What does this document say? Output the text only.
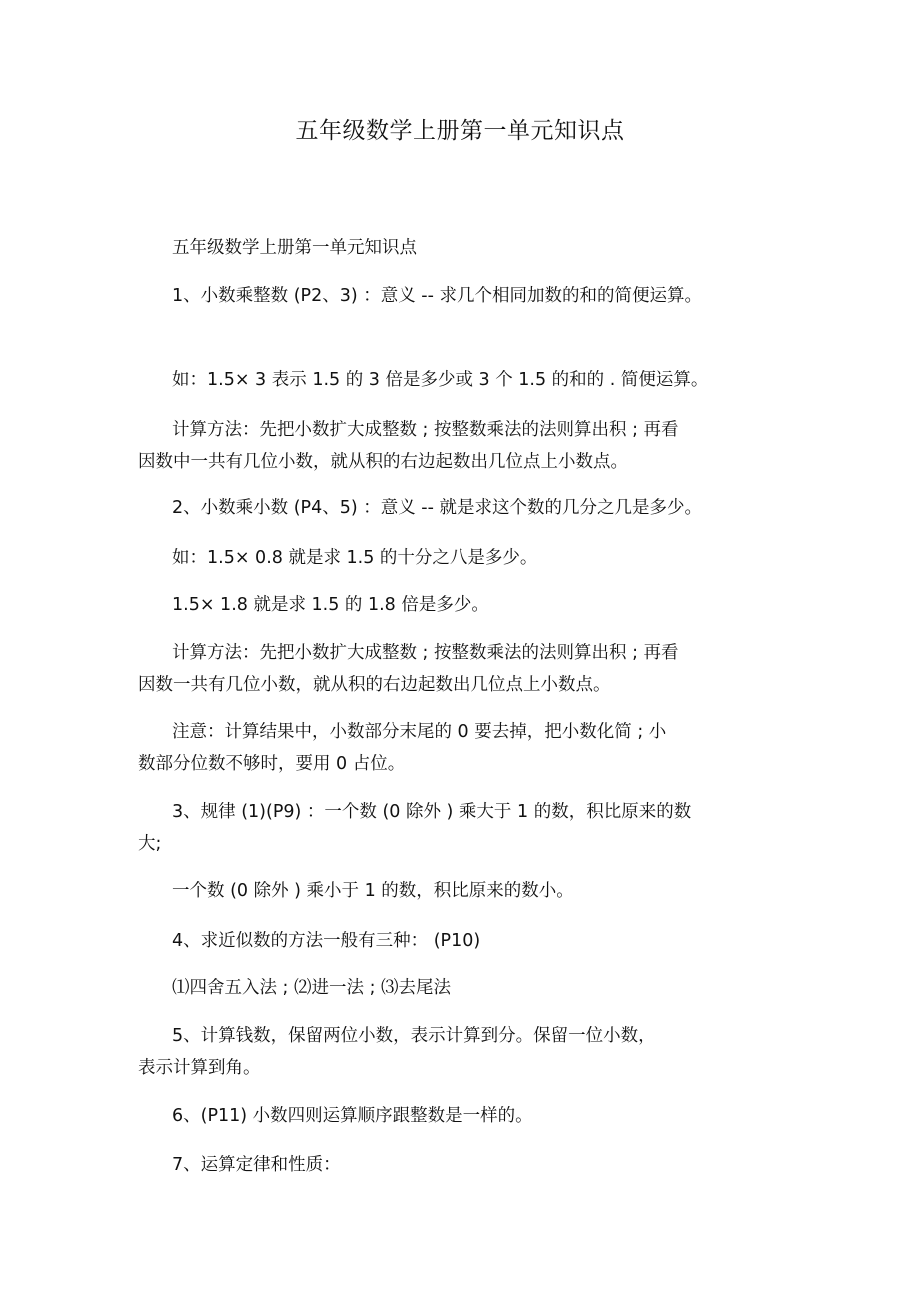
五年级数学上册第一单元知识点
五年级数学上册第一单元知识点
1、小数乘整数 (P2、3) ：意义 -- 求几个相同加数的和的简便运算。
如：1.5× 3 表示 1.5 的 3 倍是多少或 3 个 1.5 的和的 . 简便运算。
计算方法：先把小数扩大成整数 ; 按整数乘法的法则算出积 ; 再看
因数中一共有几位小数，就从积的右边起数出几位点上小数点。
2、小数乘小数 (P4、5) ：意义 -- 就是求这个数的几分之几是多少。
如：1.5× 0.8 就是求 1.5 的十分之八是多少。
1.5× 1.8 就是求 1.5 的 1.8 倍是多少。
计算方法：先把小数扩大成整数 ; 按整数乘法的法则算出积 ; 再看
因数一共有几位小数，就从积的右边起数出几位点上小数点。
注意：计算结果中，小数部分末尾的 0 要去掉，把小数化简 ; 小
数部分位数不够时，要用 0 占位。
3、规律 (1)(P9) ：一个数 (0 除外 ) 乘大于 1 的数，积比原来的数
大;
一个数 (0 除外 ) 乘小于 1 的数，积比原来的数小。
4、求近似数的方法一般有三种： (P10)
⑴四舍五入法 ; ⑵进一法 ; ⑶去尾法
5、计算钱数，保留两位小数，表示计算到分。保留一位小数，
表示计算到角。
6、(P11) 小数四则运算顺序跟整数是一样的。
7、运算定律和性质：
